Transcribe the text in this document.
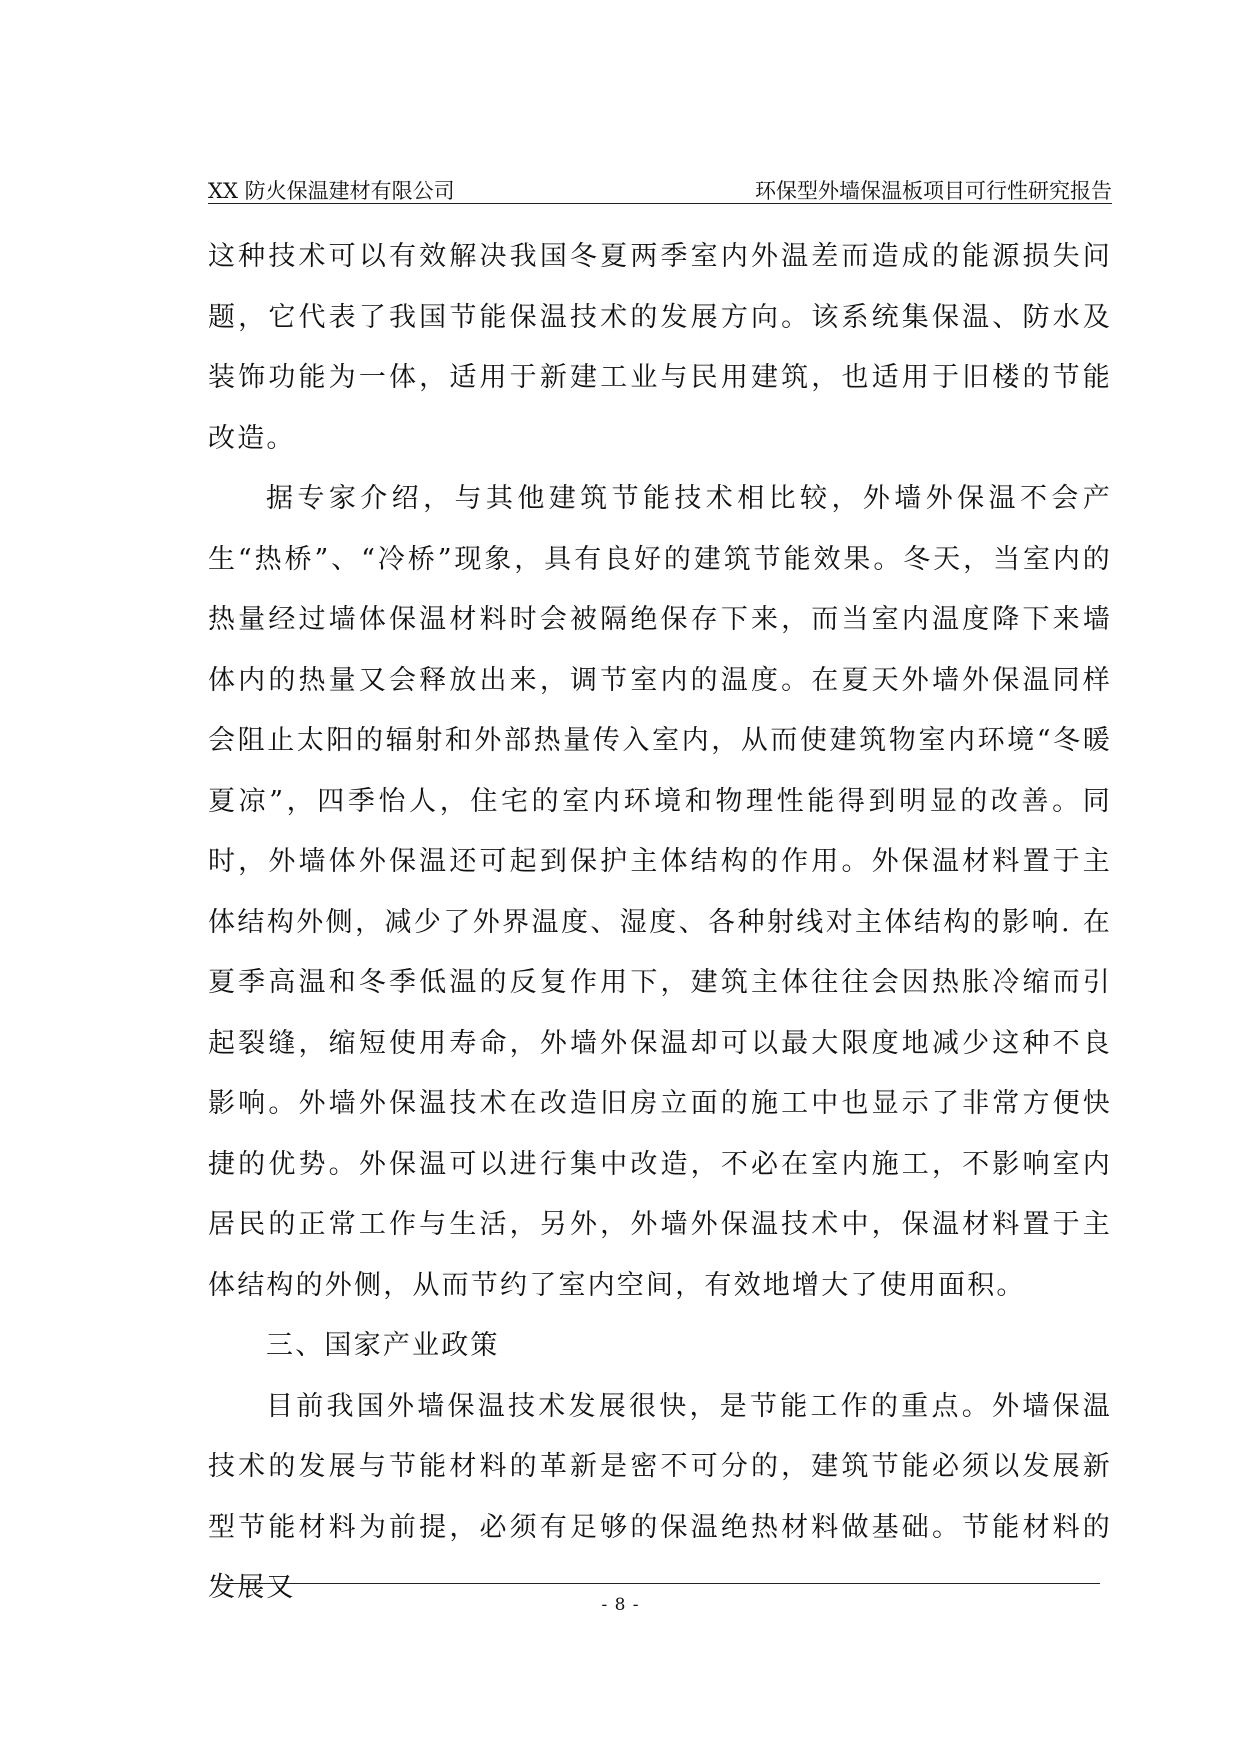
XX 防火保温建材有限公司	环保型外墙保温板项目可行性研究报告

这种技术可以有效解决我国冬夏两季室内外温差而造成的能源损失问题，它代表了我国节能保温技术的发展方向。该系统集保温、防水及装饰功能为一体，适用于新建工业与民用建筑，也适用于旧楼的节能改造。

据专家介绍，与其他建筑节能技术相比较，外墙外保温不会产生“热桥”、“冷桥”现象，具有良好的建筑节能效果。冬天，当室内的热量经过墙体保温材料时会被隔绝保存下来，而当室内温度降下来墙体内的热量又会释放出来，调节室内的温度。在夏天外墙外保温同样会阻止太阳的辐射和外部热量传入室内，从而使建筑物室内环境“冬暖夏凉”，四季怡人，住宅的室内环境和物理性能得到明显的改善。同时，外墙体外保温还可起到保护主体结构的作用。外保温材料置于主体结构外侧，减少了外界温度、湿度、各种射线对主体结构的影响. 在夏季高温和冬季低温的反复作用下，建筑主体往往会因热胀冷缩而引起裂缝，缩短使用寿命，外墙外保温却可以最大限度地减少这种不良影响。外墙外保温技术在改造旧房立面的施工中也显示了非常方便快捷的优势。外保温可以进行集中改造，不必在室内施工，不影响室内居民的正常工作与生活，另外，外墙外保温技术中，保温材料置于主体结构的外侧，从而节约了室内空间，有效地增大了使用面积。

三、国家产业政策

目前我国外墙保温技术发展很快，是节能工作的重点。外墙保温技术的发展与节能材料的革新是密不可分的，建筑节能必须以发展新型节能材料为前提，必须有足够的保温绝热材料做基础。节能材料的发展又

- 8 -
